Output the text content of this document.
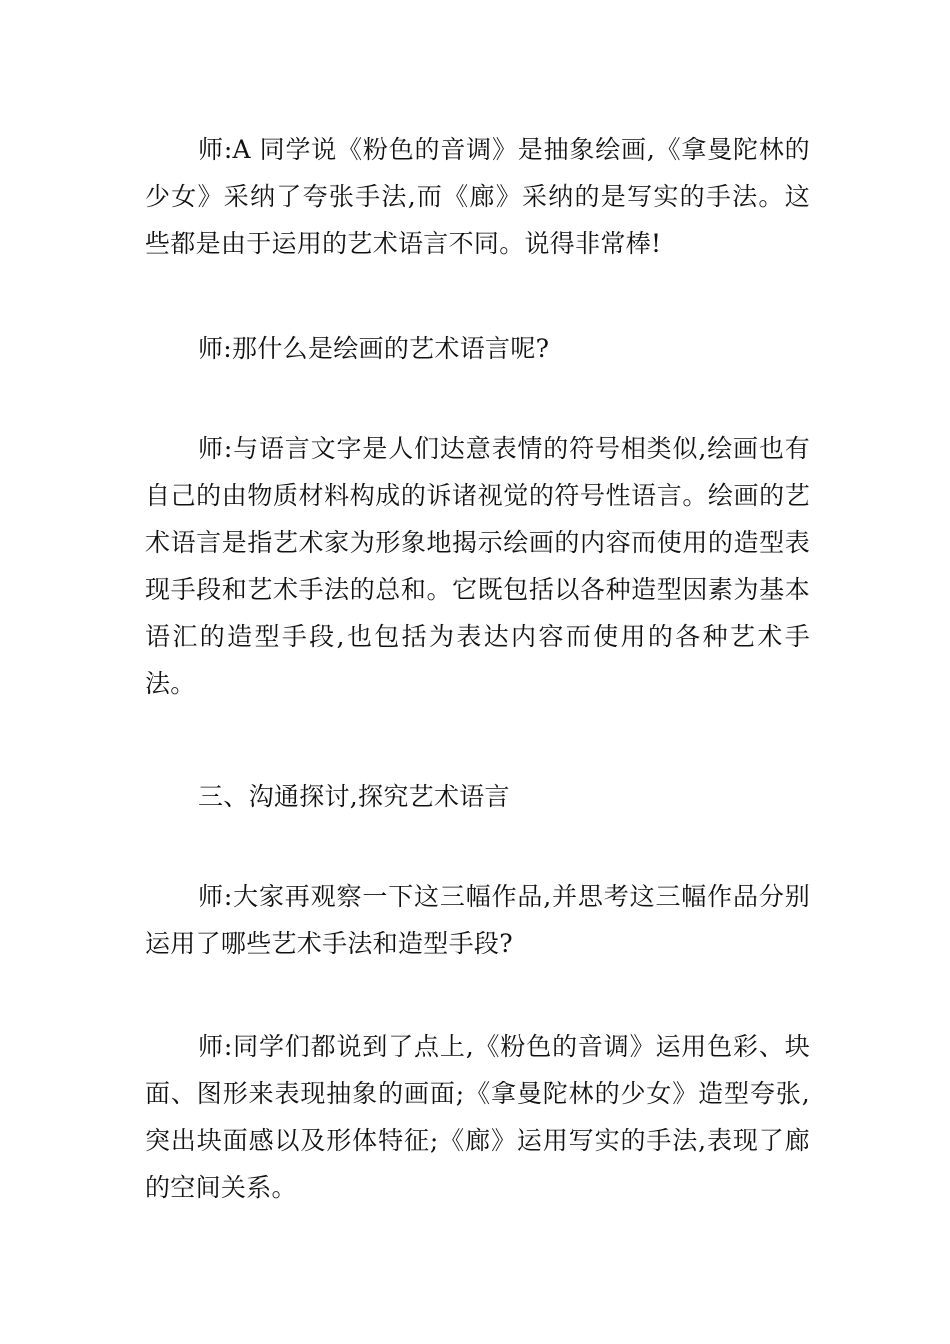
师:A 同学说《粉色的音调》是抽象绘画,《拿曼陀林的少女》采纳了夸张手法,而《廊》采纳的是写实的手法。这些都是由于运用的艺术语言不同。说得非常棒!

师:那什么是绘画的艺术语言呢?

师:与语言文字是人们达意表情的符号相类似,绘画也有自己的由物质材料构成的诉诸视觉的符号性语言。绘画的艺术语言是指艺术家为形象地揭示绘画的内容而使用的造型表现手段和艺术手法的总和。它既包括以各种造型因素为基本语汇的造型手段,也包括为表达内容而使用的各种艺术手法。

三、沟通探讨,探究艺术语言

师:大家再观察一下这三幅作品,并思考这三幅作品分别运用了哪些艺术手法和造型手段?

师:同学们都说到了点上,《粉色的音调》运用色彩、块面、图形来表现抽象的画面;《拿曼陀林的少女》造型夸张,突出块面感以及形体特征;《廊》运用写实的手法,表现了廊的空间关系。
